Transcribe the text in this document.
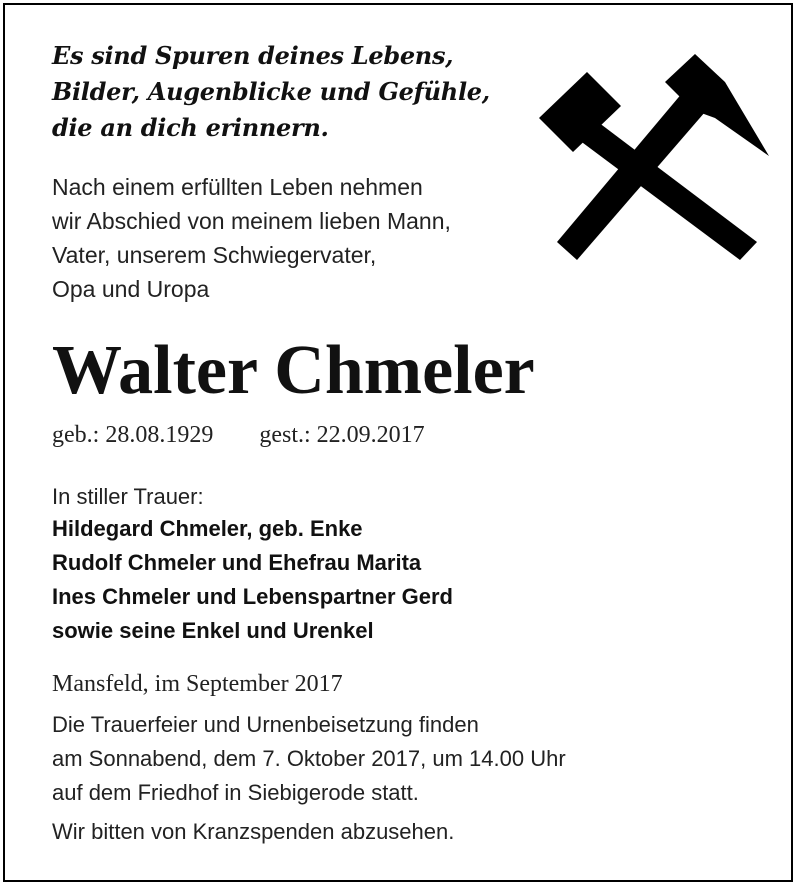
Es sind Spuren deines Lebens,
Bilder, Augenblicke und Gefühle,
die an dich erinnern.

Nach einem erfüllten Leben nehmen
wir Abschied von meinem lieben Mann,
Vater, unserem Schwiegervater,
Opa und Uropa

Walter Chmeler

geb.: 28.08.1929 gest.: 22.09.2017

In stiller Trauer:

Hildegard Chmeler, geb. Enke
Rudolf Chmeler und Ehefrau Marita
Ines Chmeler und Lebenspartner Gerd
sowie seine Enkel und Urenkel

Mansfeld, im September 2017

Die Trauerfeier und Urnenbeisetzung finden
am Sonnabend, dem 7. Oktober 2017, um 14.00 Uhr
auf dem Friedhof in Siebigerode statt.

Wir bitten von Kranzspenden abzusehen.
